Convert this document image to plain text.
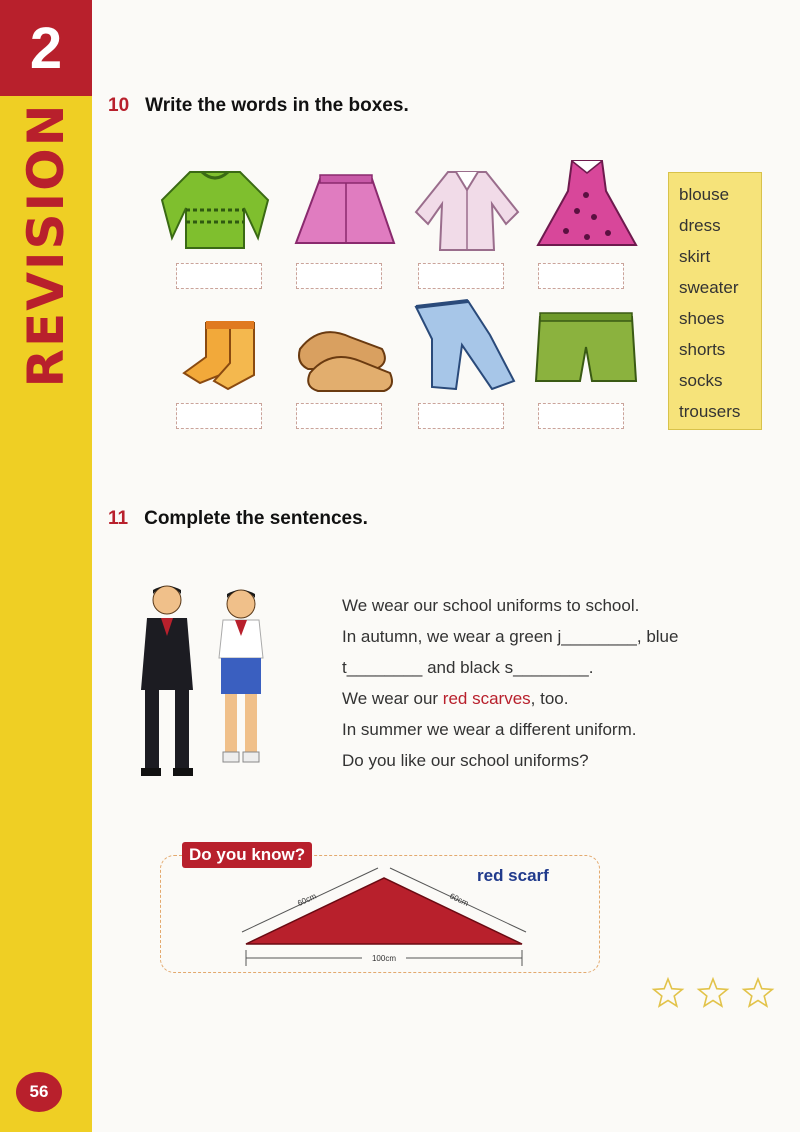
2
REVISION
56
10 Write the words in the boxes.
blouse
dress
skirt
sweater
shoes
shorts
socks
trousers
11 Complete the sentences.
We wear our school uniforms to school.
In autumn, we wear a green j________, blue
t________ and black s________.
We wear our red scarves, too.
In summer we wear a different uniform.
Do you like our school uniforms?
Do you know?
red scarf
100cm
60cm	60cm
